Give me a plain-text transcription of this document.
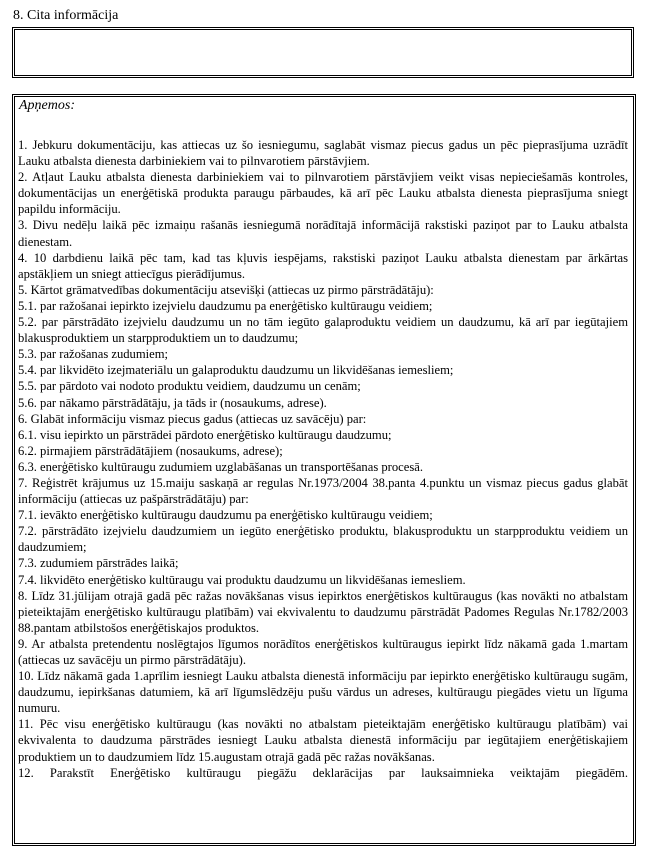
8. Cita informācija
Apņemos:

1. Jebkuru dokumentāciju, kas attiecas uz šo iesniegumu, saglabāt vismaz piecus gadus un pēc pieprasījuma uzrādīt Lauku atbalsta dienesta darbiniekiem vai to pilnvarotiem pārstāvjiem.

2. Atļaut Lauku atbalsta dienesta darbiniekiem vai to pilnvarotiem pārstāvjiem veikt visas nepieciešamās kontroles, dokumentācijas un enerģētiskā produkta paraugu pārbaudes, kā arī pēc Lauku atbalsta dienesta pieprasījuma sniegt papildu informāciju.

3. Divu nedēļu laikā pēc izmaiņu rašanās iesniegumā norādītajā informācijā rakstiski paziņot par to Lauku atbalsta dienestam.

4. 10 darbdienu laikā pēc tam, kad tas kļuvis iespējams, rakstiski paziņot Lauku atbalsta dienestam par ārkārtas apstākļiem un sniegt attiecīgus pierādījumus.

5. Kārtot grāmatvedības dokumentāciju atsevišķi (attiecas uz pirmo pārstrādātāju):

5.1. par ražošanai iepirkto izejvielu daudzumu pa enerģētisko kultūraugu veidiem;

5.2. par pārstrādāto izejvielu daudzumu un no tām iegūto galaproduktu veidiem un daudzumu, kā arī par iegūtajiem blakusproduktiem un starpproduktiem un to daudzumu;

5.3. par ražošanas zudumiem;

5.4. par likvidēto izejmateriālu un galaproduktu daudzumu un likvidēšanas iemesliem;

5.5. par pārdoto vai nodoto produktu veidiem, daudzumu un cenām;

5.6. par nākamo pārstrādātāju, ja tāds ir (nosaukums, adrese).

6. Glabāt informāciju vismaz piecus gadus (attiecas uz savācēju) par:

6.1. visu iepirkto un pārstrādei pārdoto enerģētisko kultūraugu daudzumu;

6.2. pirmajiem pārstrādātājiem (nosaukums, adrese);

6.3. enerģētisko kultūraugu zudumiem uzglabāšanas un transportēšanas procesā.

7. Reģistrēt krājumus uz 15.maiju saskaņā ar regulas Nr.1973/2004 38.panta 4.punktu un vismaz piecus gadus glabāt informāciju (attiecas uz pašpārstrādātāju) par:

7.1. ievākto enerģētisko kultūraugu daudzumu pa enerģētisko kultūraugu veidiem;

7.2. pārstrādāto izejvielu daudzumiem un iegūto enerģētisko produktu, blakusproduktu un starpproduktu veidiem un daudzumiem;

7.3. zudumiem pārstrādes laikā;

7.4. likvidēto enerģētisko kultūraugu vai produktu daudzumu un likvidēšanas iemesliem.

8. Līdz 31.jūlijam otrajā gadā pēc ražas novākšanas visus iepirktos enerģētiskos kultūraugus (kas novākti no atbalstam pieteiktajām enerģētisko kultūraugu platībām) vai ekvivalentu to daudzumu pārstrādāt Padomes Regulas Nr.1782/2003 88.pantam atbilstošos enerģētiskajos produktos.

9. Ar atbalsta pretendentu noslēgtajos līgumos norādītos enerģētiskos kultūraugus iepirkt līdz nākamā gada 1.martam (attiecas uz savācēju un pirmo pārstrādātāju).

10. Līdz nākamā gada 1.aprīlim iesniegt Lauku atbalsta dienestā informāciju par iepirkto enerģētisko kultūraugu sugām, daudzumu, iepirkšanas datumiem, kā arī līgumslēdzēju pušu vārdus un adreses, kultūraugu piegādes vietu un līguma numuru.

11. Pēc visu enerģētisko kultūraugu (kas novākti no atbalstam pieteiktajām enerģētisko kultūraugu platībām) vai ekvivalenta to daudzuma pārstrādes iesniegt Lauku atbalsta dienestā informāciju par iegūtajiem enerģētiskajiem produktiem un to daudzumiem līdz 15.augustam otrajā gadā pēc ražas novākšanas.

12. Parakstīt Enerģētisko kultūraugu piegāžu deklarācijas par lauksaimnieka veiktajām piegādēm.
